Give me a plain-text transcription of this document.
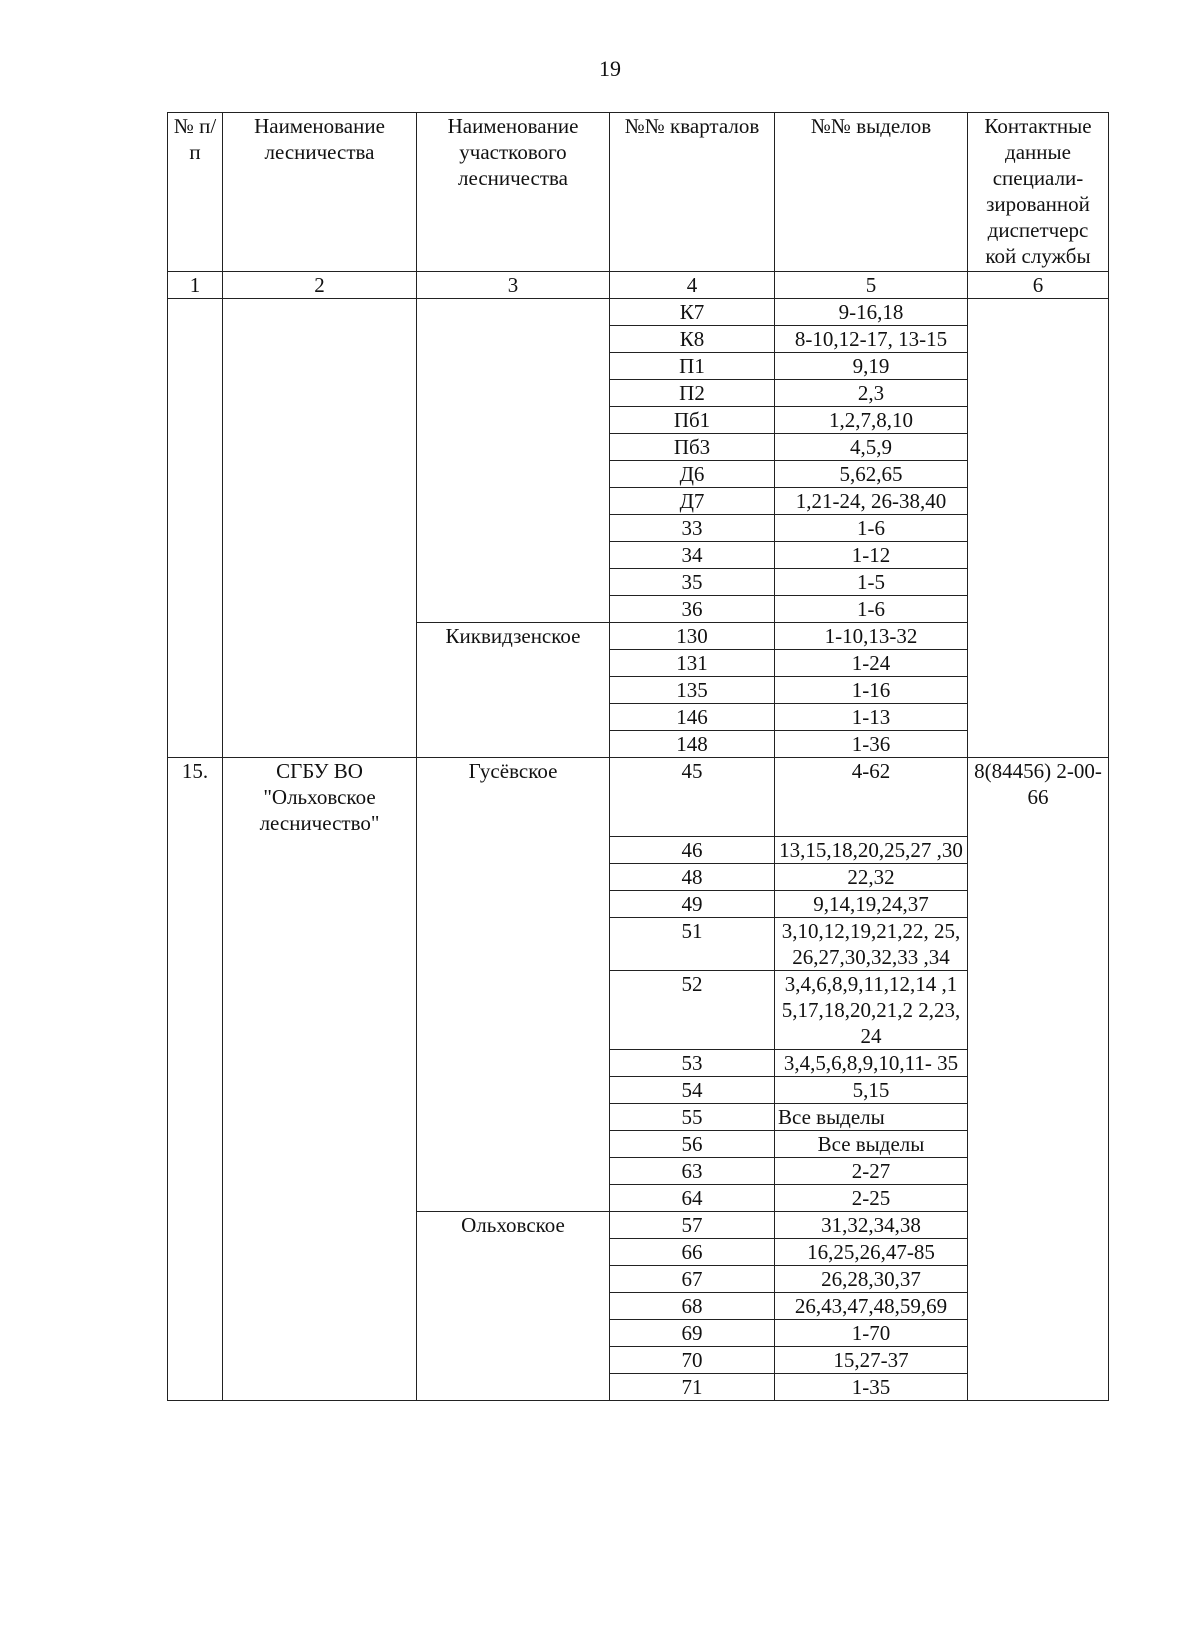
19
№ п/п	Наименование лесничества	Наименование участкового лесничества	№№ кварталов	№№ выделов	Контактные данные специали- зированной диспетчерс кой службы
1	2	3	4	5	6
			К7	9-16,18	
			К8	8-10,12-17, 13-15	
			П1	9,19	
			П2	2,3	
			Пб1	1,2,7,8,10	
			Пб3	4,5,9	
			Д6	5,62,65	
			Д7	1,21-24, 26-38,40	
			33	1-6	
			34	1-12	
			35	1-5	
			36	1-6	
		Киквидзенское	130	1-10,13-32	
			131	1-24	
			135	1-16	
			146	1-13	
			148	1-36	
15.	СГБУ ВО "Ольховское лесничество"	Гусёвское	45	4-62	8(84456) 2-00-66
			46	13,15,18,20,25,27 ,30	
			48	22,32	
			49	9,14,19,24,37	
			51	3,10,12,19,21,22, 25,26,27,30,32,33 ,34	
			52	3,4,6,8,9,11,12,14 ,15,17,18,20,21,2 2,23,24	
			53	3,4,5,6,8,9,10,11- 35	
			54	5,15	
			55	Все выделы	
			56	Все выделы	
			63	2-27	
			64	2-25	
		Ольховское	57	31,32,34,38	
			66	16,25,26,47-85	
			67	26,28,30,37	
			68	26,43,47,48,59,69	
			69	1-70	
			70	15,27-37	
			71	1-35	
